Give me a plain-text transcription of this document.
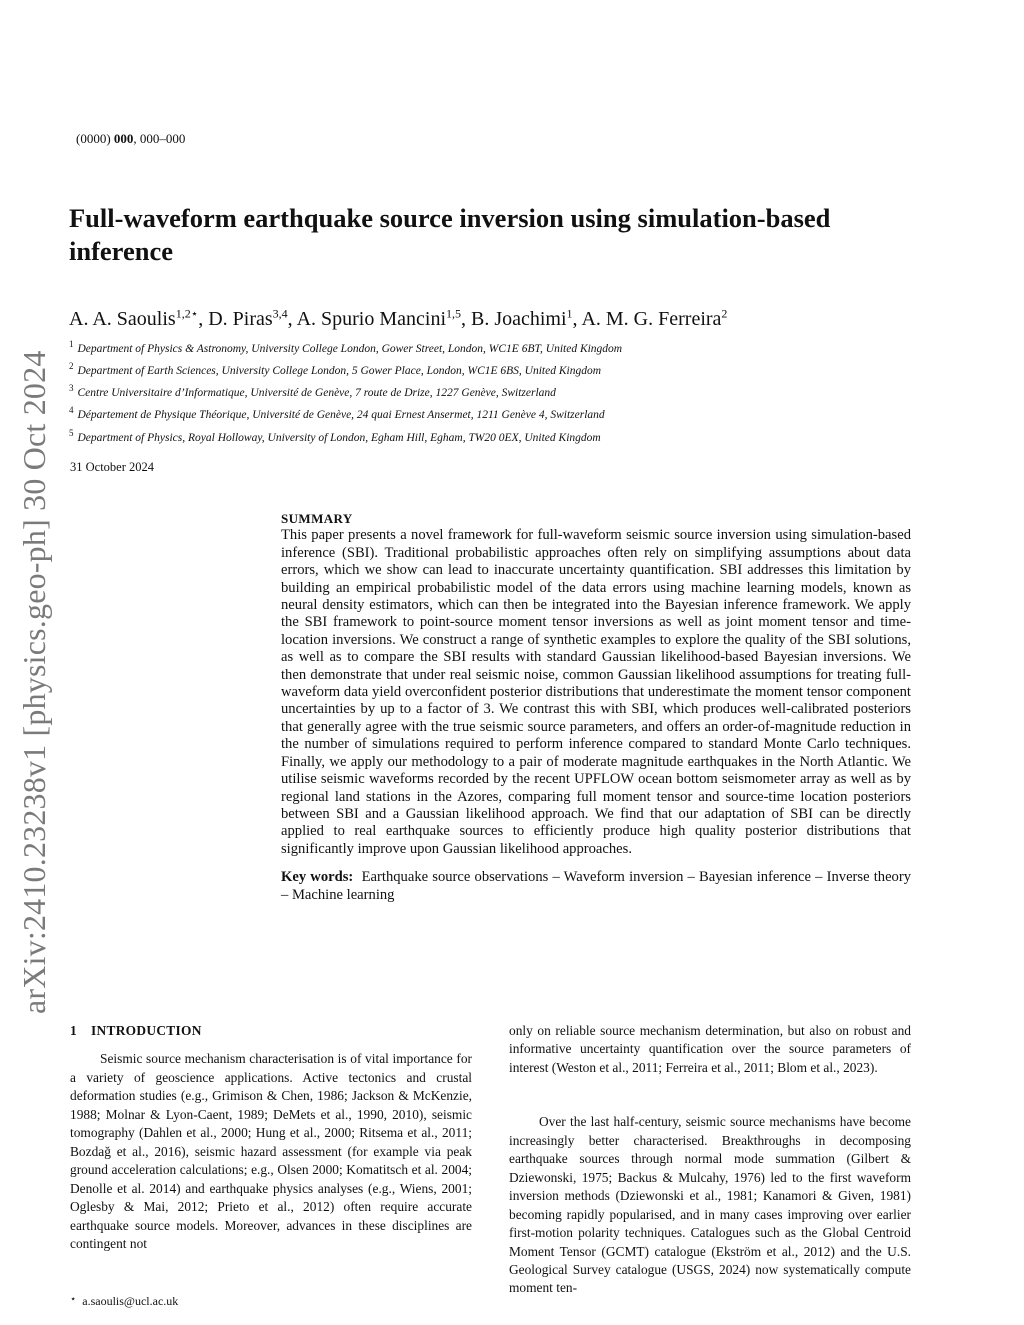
arXiv:2410.23238v1 [physics.geo-ph] 30 Oct 2024
(0000) 000, 000–000
Full-waveform earthquake source inversion using simulation-based inference
A. A. Saoulis$^{1,2⋆}$, D. Piras$^{3,4}$, A. Spurio Mancini$^{1,5}$, B. Joachimi$^1$, A. M. G. Ferreira$^2$
$^1$ Department of Physics & Astronomy, University College London, Gower Street, London, WC1E 6BT, United Kingdom
$^2$ Department of Earth Sciences, University College London, 5 Gower Place, London, WC1E 6BS, United Kingdom
$^3$ Centre Universitaire d’Informatique, Université de Genève, 7 route de Drize, 1227 Genève, Switzerland
$^4$ Département de Physique Théorique, Université de Genève, 24 quai Ernest Ansermet, 1211 Genève 4, Switzerland
$^5$ Department of Physics, Royal Holloway, University of London, Egham Hill, Egham, TW20 0EX, United Kingdom
31 October 2024
SUMMARY

This paper presents a novel framework for full-waveform seismic source inversion using simulation-based inference (SBI). Traditional probabilistic approaches often rely on simplifying assumptions about data errors, which we show can lead to inaccurate uncertainty quantification. SBI addresses this limitation by building an empirical probabilistic model of the data errors using machine learning models, known as neural density estimators, which can then be integrated into the Bayesian inference framework. We apply the SBI framework to point-source moment tensor inversions as well as joint moment tensor and time-location inversions. We construct a range of synthetic examples to explore the quality of the SBI solutions, as well as to compare the SBI results with standard Gaussian likelihood-based Bayesian inversions. We then demonstrate that under real seismic noise, common Gaussian likelihood assumptions for treating full-waveform data yield overconfident posterior distributions that underestimate the moment tensor component uncertainties by up to a factor of 3. We contrast this with SBI, which produces well-calibrated posteriors that generally agree with the true seismic source parameters, and offers an order-of-magnitude reduction in the number of simulations required to perform inference compared to standard Monte Carlo techniques. Finally, we apply our methodology to a pair of moderate magnitude earthquakes in the North Atlantic. We utilise seismic waveforms recorded by the recent UPFLOW ocean bottom seismometer array as well as by regional land stations in the Azores, comparing full moment tensor and source-time location posteriors between SBI and a Gaussian likelihood approach. We find that our adaptation of SBI can be directly applied to real earthquake sources to efficiently produce high quality posterior distributions that significantly improve upon Gaussian likelihood approaches.

Key words: Earthquake source observations – Waveform inversion – Bayesian inference – Inverse theory – Machine learning
1 INTRODUCTION

Seismic source mechanism characterisation is of vital importance for a variety of geoscience applications. Active tectonics and crustal deformation studies (e.g., Grimison & Chen, 1986; Jackson & McKenzie, 1988; Molnar & Lyon-Caent, 1989; DeMets et al., 1990, 2010), seismic tomography (Dahlen et al., 2000; Hung et al., 2000; Ritsema et al., 2011; Bozdağ et al., 2016), seismic hazard assessment (for example via peak ground acceleration calculations; e.g., Olsen 2000; Komatitsch et al. 2004; Denolle et al. 2014) and earthquake physics analyses (e.g., Wiens, 2001; Oglesby & Mai, 2012; Prieto et al., 2012) often require accurate earthquake source models. Moreover, advances in these disciplines are contingent not

only on reliable source mechanism determination, but also on robust and informative uncertainty quantification over the source parameters of interest (Weston et al., 2011; Ferreira et al., 2011; Blom et al., 2023).

Over the last half-century, seismic source mechanisms have become increasingly better characterised. Breakthroughs in decomposing earthquake sources through normal mode summation (Gilbert & Dziewonski, 1975; Backus & Mulcahy, 1976) led to the first waveform inversion methods (Dziewonski et al., 1981; Kanamori & Given, 1981) becoming rapidly popularised, and in many cases improving over earlier first-motion polarity techniques. Catalogues such as the Global Centroid Moment Tensor (GCMT) catalogue (Ekström et al., 2012) and the U.S. Geological Survey catalogue (USGS, 2024) now systematically compute moment ten-

⋆ a.saoulis@ucl.ac.uk
